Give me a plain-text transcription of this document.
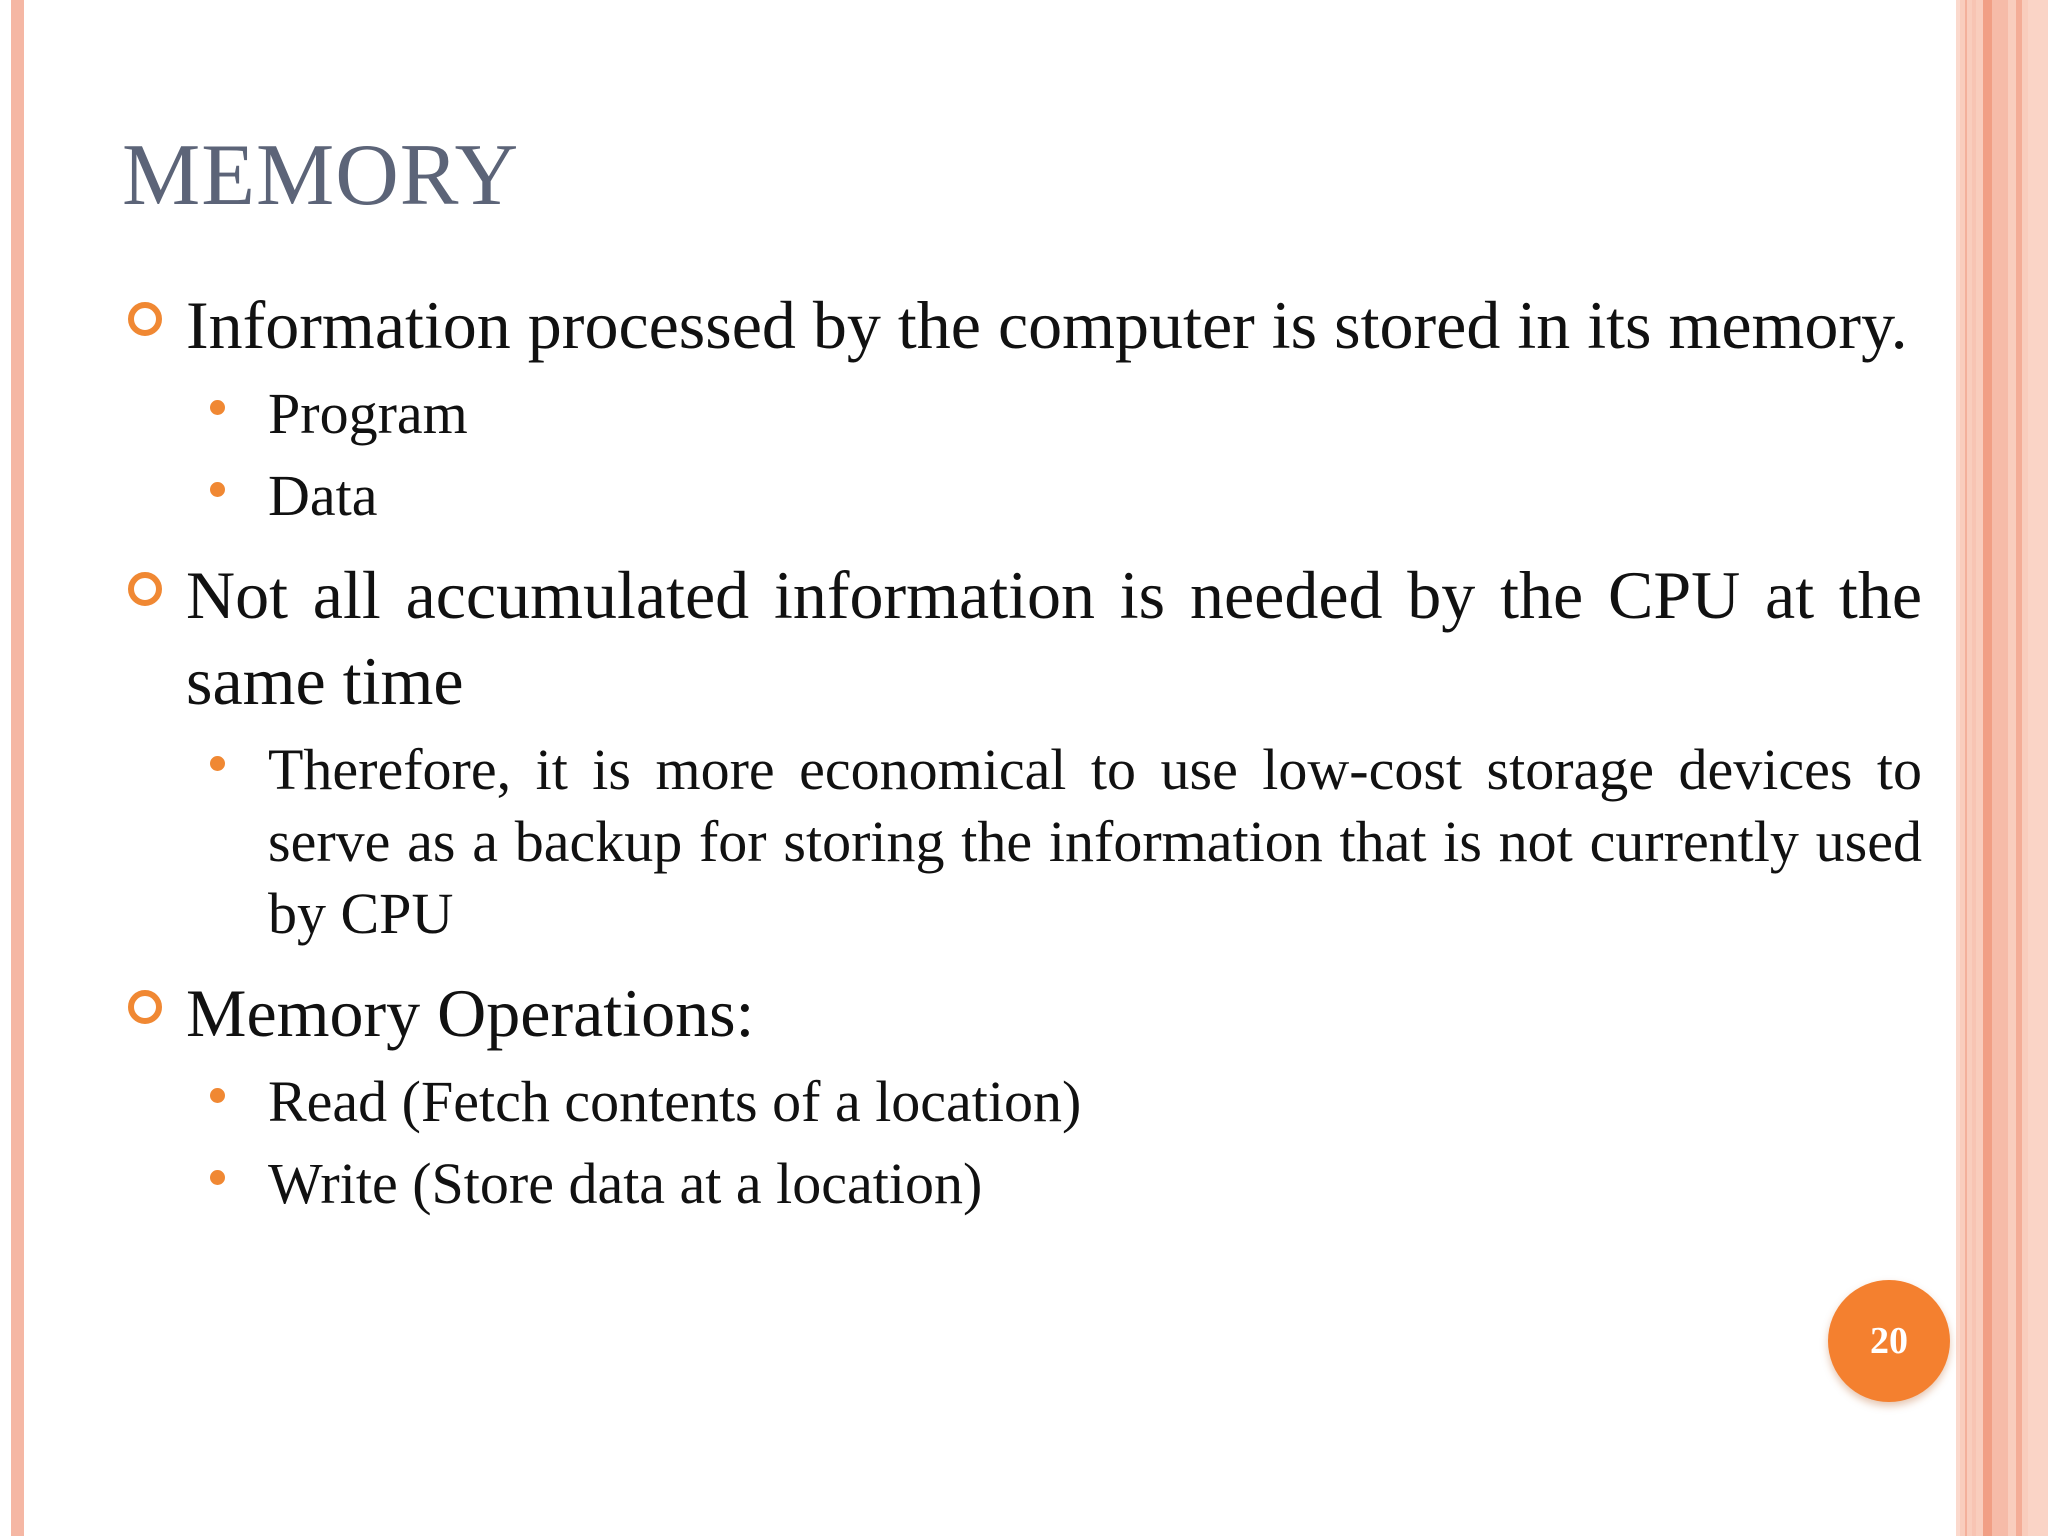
MEMORY

Information processed by the computer is stored in its memory.

Program

Data

Not all accumulated information is needed by the CPU at the same time

Therefore, it is more economical to use low-cost storage devices to serve as a backup for storing the information that is not currently used by CPU

Memory Operations:

Read (Fetch contents of a location)

Write (Store data at a location)

20
